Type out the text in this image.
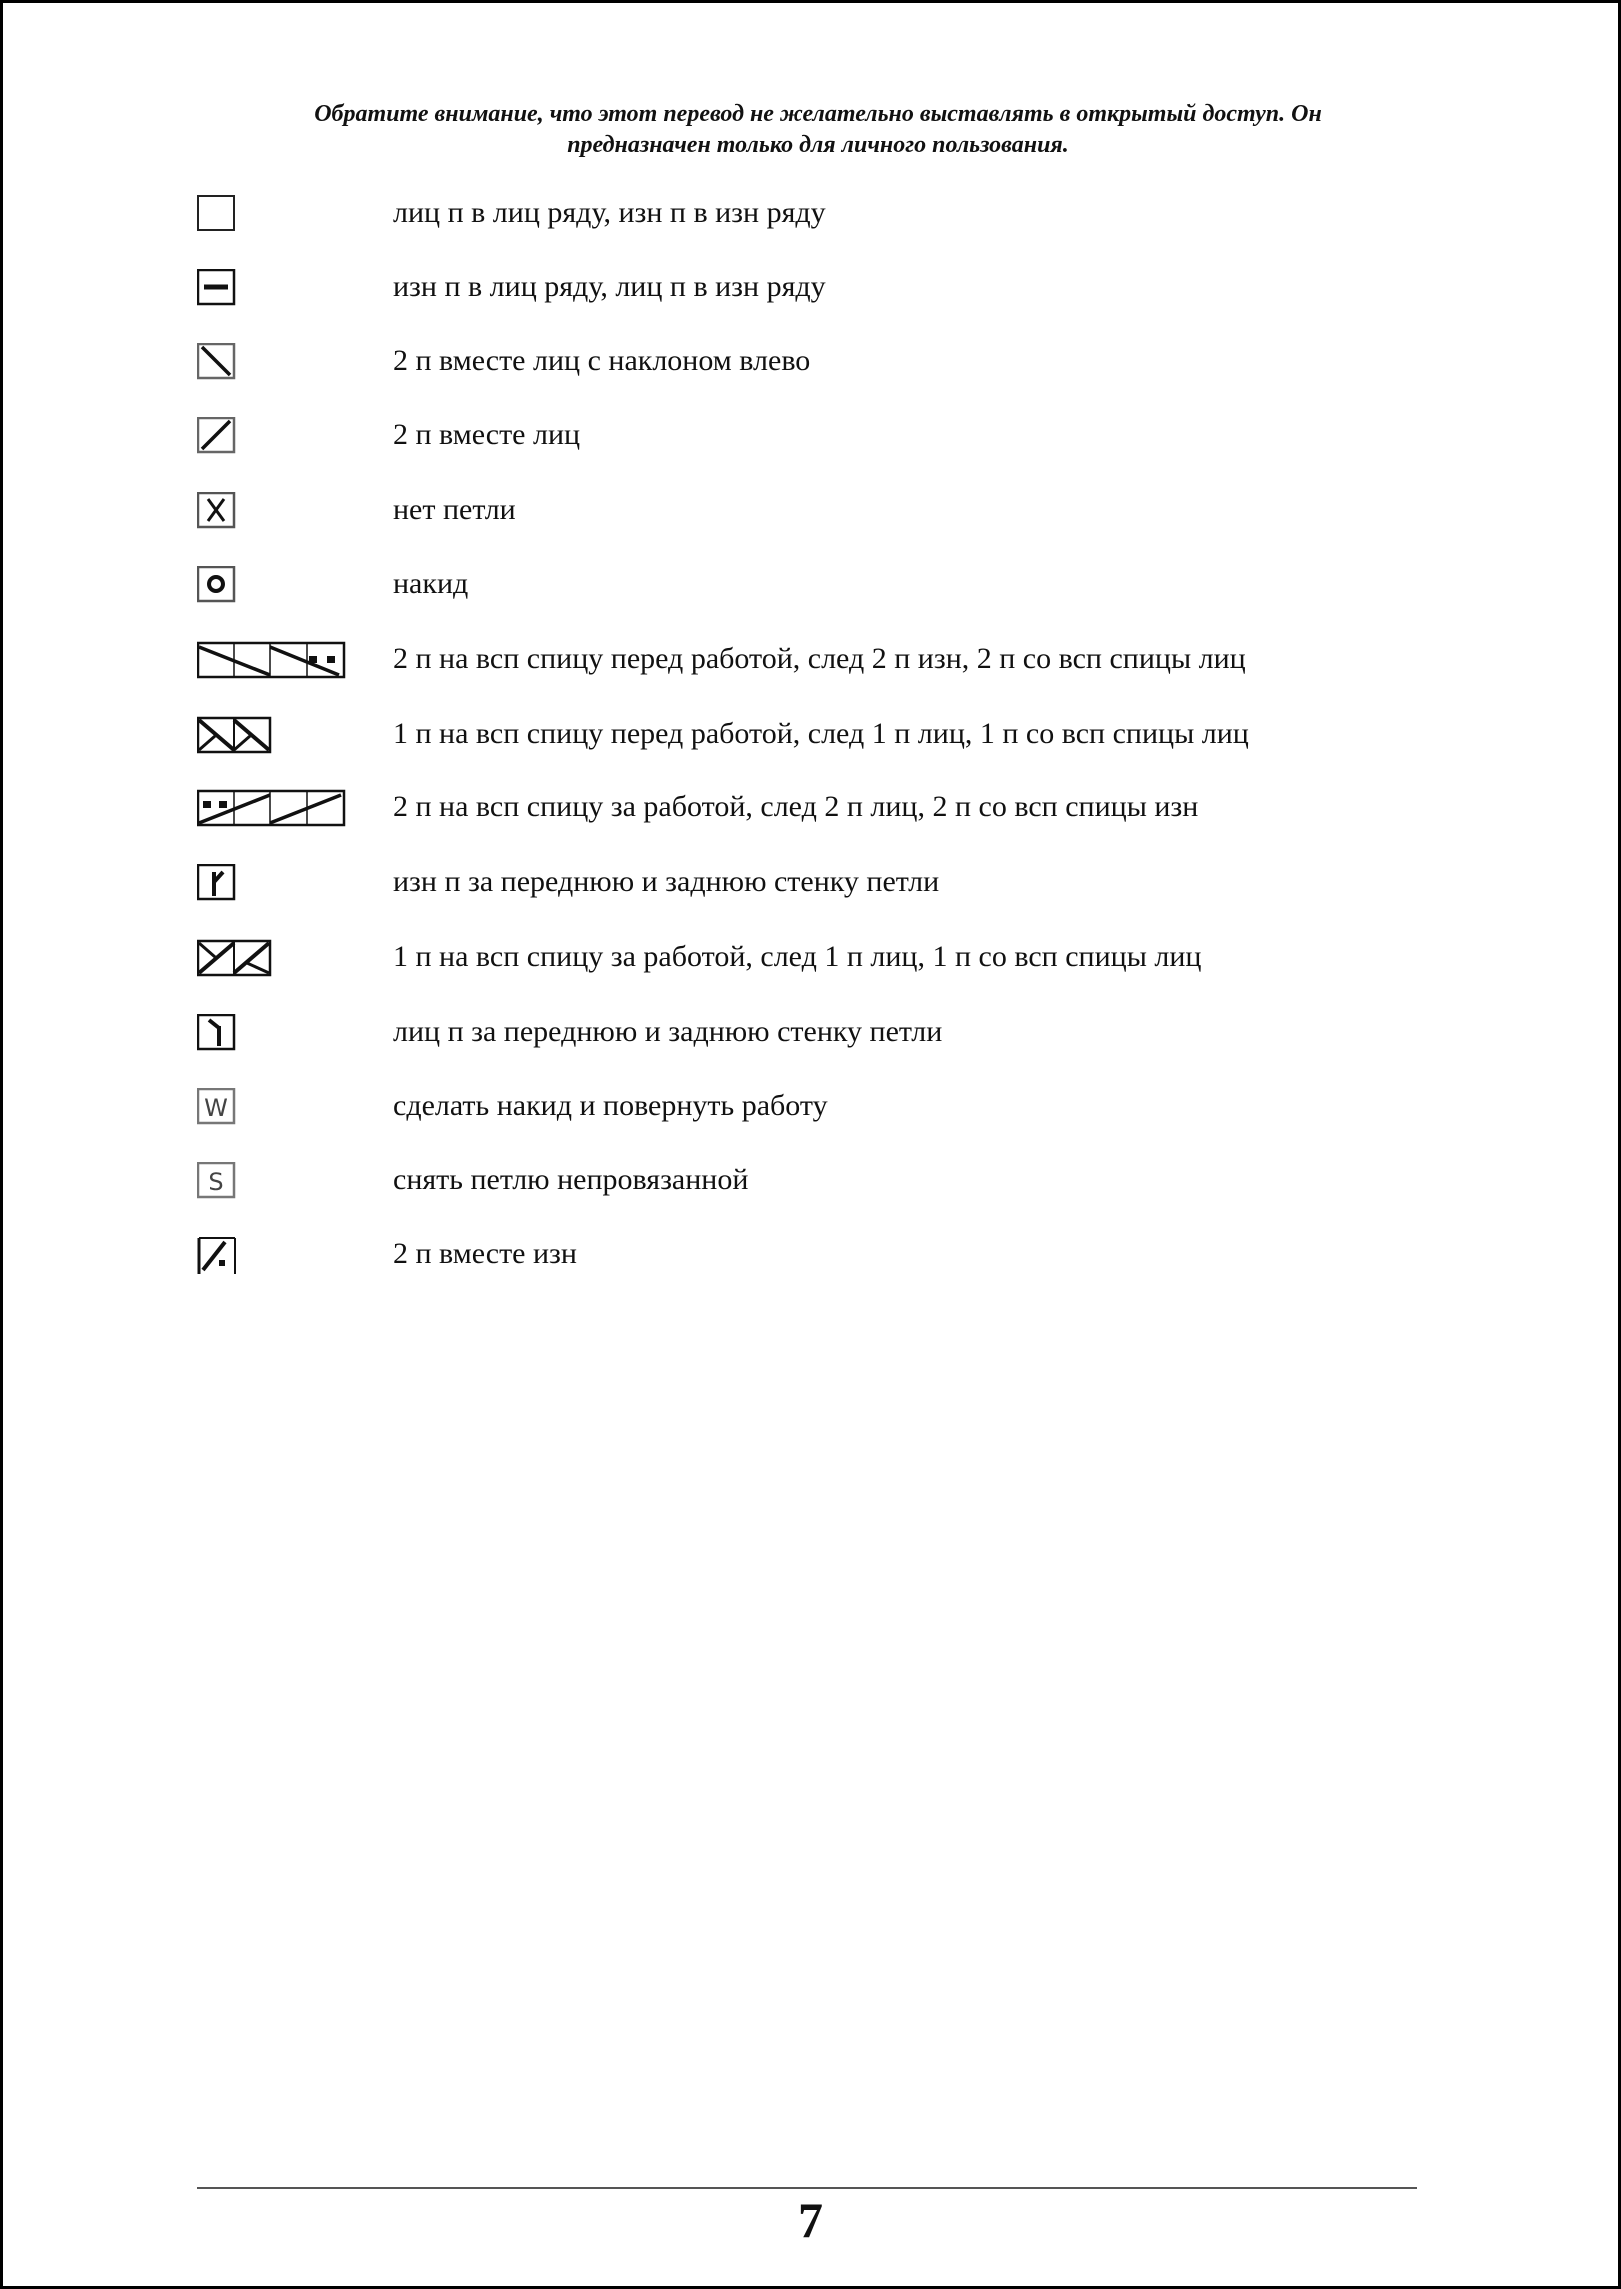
Обратите внимание, что этот перевод не желательно выставлять в открытый доступ. Он
предназначен только для личного пользования.
лиц п в лиц ряду, изн п в изн ряду
изн п в лиц ряду, лиц п в изн ряду
2 п вместе лиц с наклоном влево
2 п вместе лиц
нет петли
накид
2 п на всп спицу перед работой, след 2 п изн, 2 п со всп спицы лиц
1 п на всп спицу перед работой, след 1 п лиц, 1 п со всп спицы лиц
2 п на всп спицу за работой, след 2 п лиц, 2 п со всп спицы изн
изн п за переднюю и заднюю стенку петли
1 п на всп спицу за работой, след 1 п лиц, 1 п со всп спицы лиц
лиц п за переднюю и заднюю стенку петли
W	сделать накид и повернуть работу
S	снять петлю непровязанной
2 п вместе изн
7
